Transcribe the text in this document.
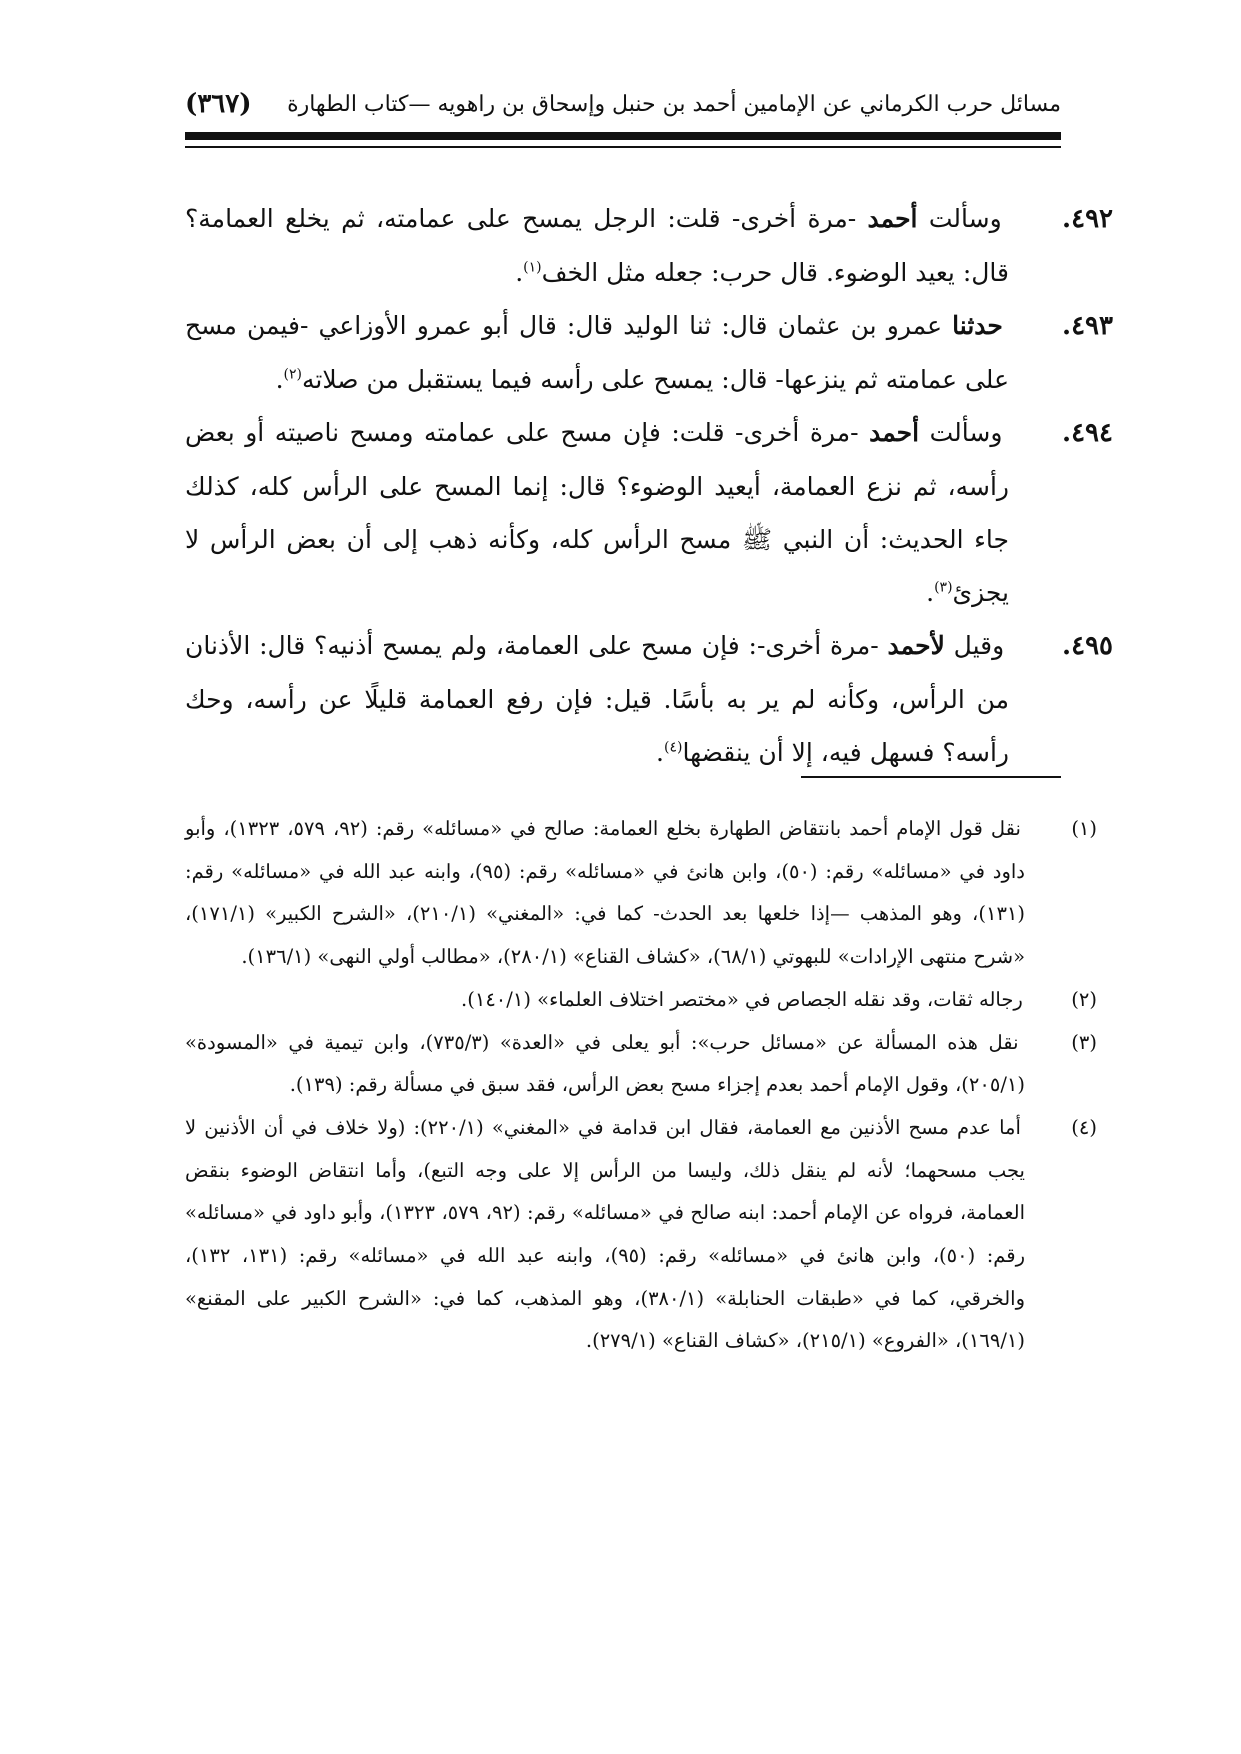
مسائل حرب الكرماني عن الإمامين أحمد بن حنبل وإسحاق بن راهويه —كتاب الطهارة
(٣٦٧)

٤٩٢. وسألت أحمد -مرة أخرى- قلت: الرجل يمسح على عمامته، ثم يخلع العمامة؟ قال: يعيد الوضوء. قال حرب: جعله مثل الخف$^{(١)}$.

٤٩٣. حدثنا عمرو بن عثمان قال: ثنا الوليد قال: قال أبو عمرو الأوزاعي -فيمن مسح على عمامته ثم ينزعها- قال: يمسح على رأسه فيما يستقبل من صلاته$^{(٢)}$.

٤٩٤. وسألت أحمد -مرة أخرى- قلت: فإن مسح على عمامته ومسح ناصيته أو بعض رأسه، ثم نزع العمامة، أيعيد الوضوء؟ قال: إنما المسح على الرأس كله، كذلك جاء الحديث: أن النبي ﷺ مسح الرأس كله، وكأنه ذهب إلى أن بعض الرأس لا يجزئ$^{(٣)}$.

٤٩٥. وقيل لأحمد -مرة أخرى-: فإن مسح على العمامة، ولم يمسح أذنيه؟ قال: الأذنان من الرأس، وكأنه لم ير به بأسًا. قيل: فإن رفع العمامة قليلًا عن رأسه، وحك رأسه؟ فسهل فيه، إلا أن ينقضها$^{(٤)}$.

(١) نقل قول الإمام أحمد بانتقاض الطهارة بخلع العمامة: صالح في «مسائله» رقم: (٩٢، ٥٧٩، ١٣٢٣)، وأبو داود في «مسائله» رقم: (٥٠)، وابن هانئ في «مسائله» رقم: (٩٥)، وابنه عبد الله في «مسائله» رقم: (١٣١)، وهو المذهب —إذا خلعها بعد الحدث- كما في: «المغني» (٢١٠/١)، «الشرح الكبير» (١٧١/١)، «شرح منتهى الإرادات» للبهوتي (٦٨/١)، «كشاف القناع» (٢٨٠/١)، «مطالب أولي النهى» (١٣٦/١).

(٢) رجاله ثقات، وقد نقله الجصاص في «مختصر اختلاف العلماء» (١٤٠/١).

(٣) نقل هذه المسألة عن «مسائل حرب»: أبو يعلى في «العدة» (٧٣٥/٣)، وابن تيمية في «المسودة» (٢٠٥/١)، وقول الإمام أحمد بعدم إجزاء مسح بعض الرأس، فقد سبق في مسألة رقم: (١٣٩).

(٤) أما عدم مسح الأذنين مع العمامة، فقال ابن قدامة في «المغني» (٢٢٠/١): (ولا خلاف في أن الأذنين لا يجب مسحهما؛ لأنه لم ينقل ذلك، وليسا من الرأس إلا على وجه التبع)، وأما انتقاض الوضوء بنقض العمامة، فرواه عن الإمام أحمد: ابنه صالح في «مسائله» رقم: (٩٢، ٥٧٩، ١٣٢٣)، وأبو داود في «مسائله» رقم: (٥٠)، وابن هانئ في «مسائله» رقم: (٩٥)، وابنه عبد الله في «مسائله» رقم: (١٣١، ١٣٢)، والخرقي، كما في «طبقات الحنابلة» (٣٨٠/١)، وهو المذهب، كما في: «الشرح الكبير على المقنع» (١٦٩/١)، «الفروع» (٢١٥/١)، «كشاف القناع» (٢٧٩/١).
